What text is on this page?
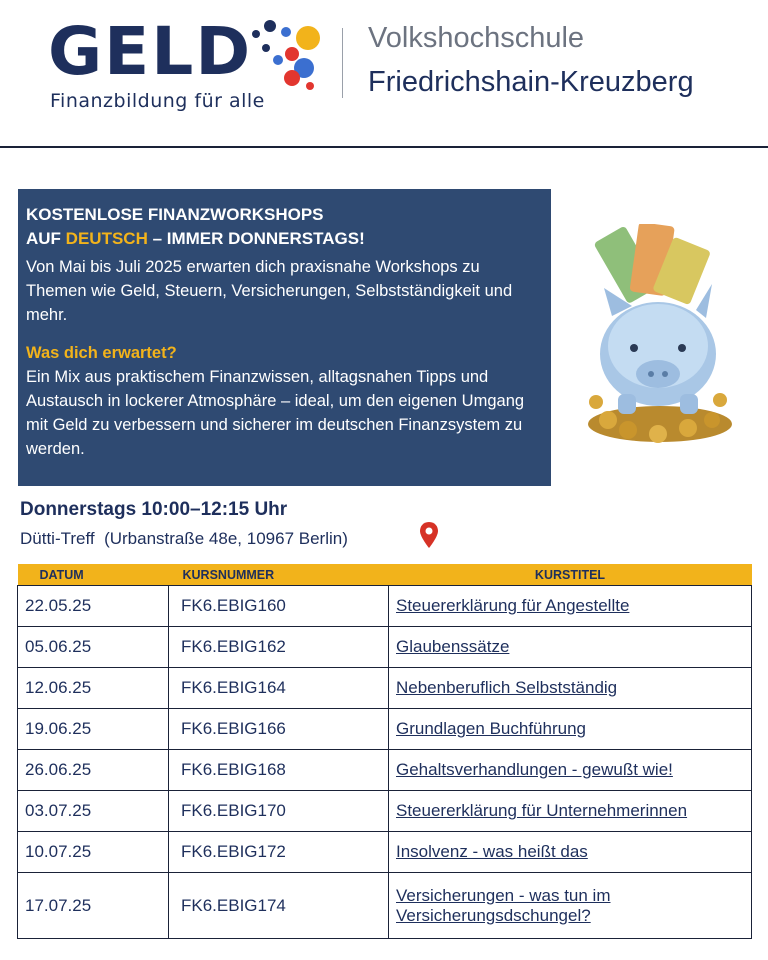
GELD
Finanzbildung für alle
Volkshochschule
Friedrichshain-Kreuzberg
KOSTENLOSE FINANZWORKSHOPS
AUF DEUTSCH – IMMER DONNERSTAGS!
Von Mai bis Juli 2025 erwarten dich praxisnahe Workshops zu Themen wie Geld, Steuern, Versicherungen, Selbstständigkeit und mehr.
Was dich erwartet?
Ein Mix aus praktischem Finanzwissen, alltagsnahen Tipps und Austausch in lockerer Atmosphäre – ideal, um den eigenen Umgang mit Geld zu verbessern und sicherer im deutschen Finanzsystem zu werden.
Donnerstags 10:00–12:15 Uhr
Dütti-Treff  (Urbanstraße 48e, 10967 Berlin)
DATUM	KURSNUMMER	KURSTITEL
22.05.25	FK6.EBIG160	Steuererklärung für Angestellte
05.06.25	FK6.EBIG162	Glaubenssätze
12.06.25	FK6.EBIG164	Nebenberuflich Selbstständig
19.06.25	FK6.EBIG166	Grundlagen Buchführung
26.06.25	FK6.EBIG168	Gehaltsverhandlungen - gewußt wie!
03.07.25	FK6.EBIG170	Steuererklärung für Unternehmerinnen
10.07.25	FK6.EBIG172	Insolvenz - was heißt das
17.07.25	FK6.EBIG174	Versicherungen - was tun im Versicherungsdschungel?
